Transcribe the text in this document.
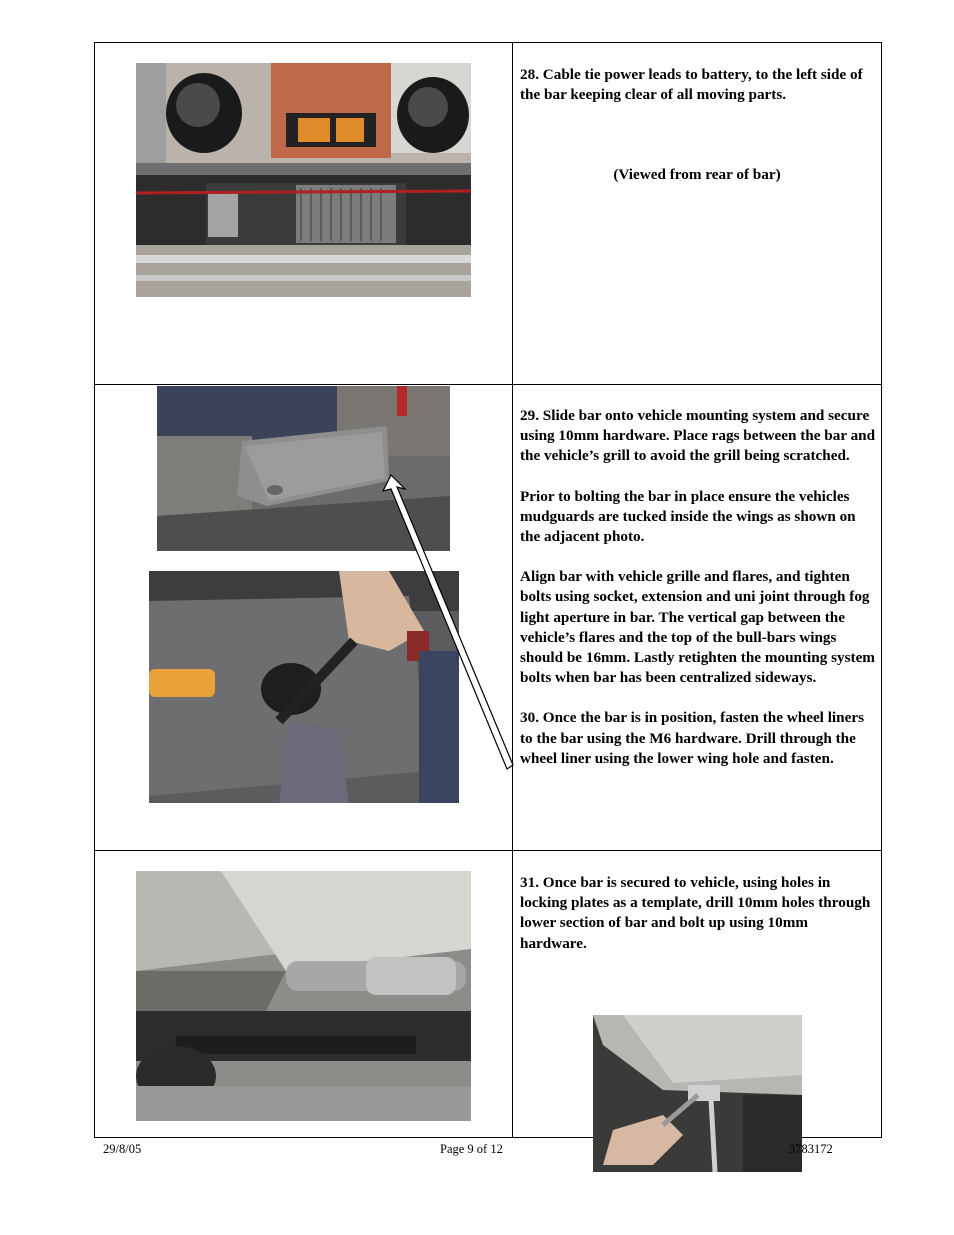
28. Cable tie power leads to battery, to the left side of the bar keeping clear of all moving parts.
(Viewed from rear of bar)

29. Slide bar onto vehicle mounting system and secure using 10mm hardware. Place rags between the bar and the vehicle’s grill to avoid the grill being scratched.

Prior to bolting the bar in place ensure the vehicles mudguards are tucked inside the wings as shown on the adjacent photo.

Align bar with vehicle grille and flares, and tighten bolts using socket, extension and uni joint through fog light aperture in bar. The vertical gap between the vehicle’s flares and the top of the bull-bars wings should be 16mm. Lastly retighten the mounting system bolts when bar has been centralized sideways.

30. Once the bar is in position, fasten the wheel liners to the bar using the M6 hardware. Drill through the wheel liner using the lower wing hole and fasten.

31. Once bar is secured to vehicle, using holes in locking plates as a template, drill 10mm holes through lower section of bar and bolt up using 10mm hardware.
29/8/05	Page 9 of 12	3783172
